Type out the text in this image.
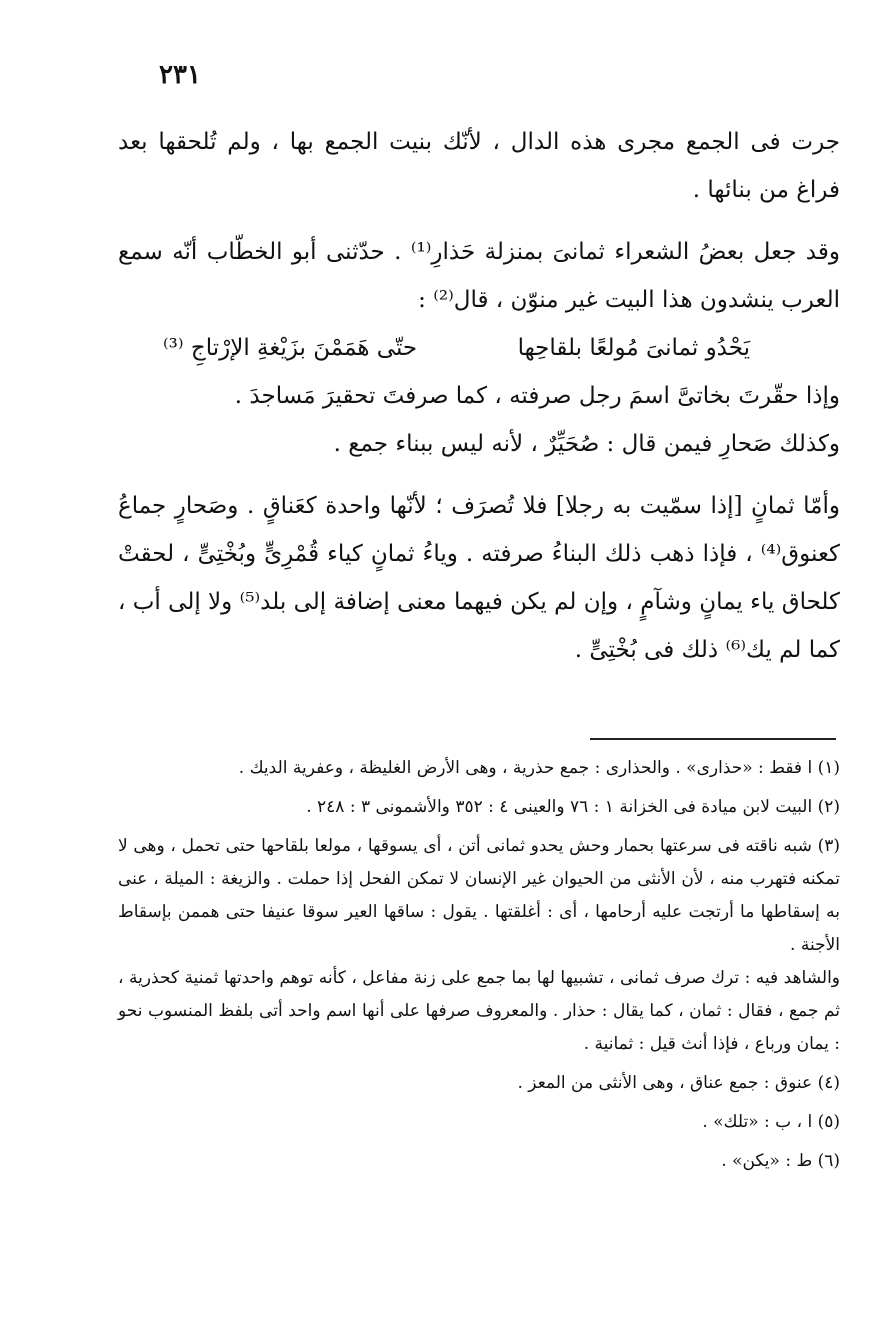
٢٣١

جرت فى الجمع مجرى هذه الدال ، لأنّك بنيت الجمع بها ، ولم تُلحقها بعد فراغ من بنائها .

وقد جعل بعضُ الشعراء ثمانىَ بمنزلة حَذارِ⁽¹⁾ . حدّثنى أبو الخطّاب أنّه سمع العرب ينشدون هذا البيت غير منوّن ، قال⁽²⁾ :

يَحْدُو ثمانىَ مُولعًا بلقاحِها
حتّى هَمَمْنَ بزَيْغةِ الإرْتاجِ ⁽³⁾

وإذا حقّرتَ بخاتىَّ اسمَ رجل صرفته ، كما صرفتَ تحقيرَ مَساجدَ .

وكذلك صَحارِ فيمن قال : صُحَيِّرٌ ، لأنه ليس ببناء جمع .

وأمّا ثمانٍ [إذا سمّيت به رجلا] فلا تُصرَف ؛ لأنّها واحدة كعَناقٍ . وصَحارٍ جماعُ كعنوق⁽⁴⁾ ، فإذا ذهب ذلك البناءُ صرفته . وياءُ ثمانٍ كياء قُمْرِىٍّ وبُخْتِىٍّ ، لحقتْ كلحاق ياء يمانٍ وشآمٍ ، وإن لم يكن فيهما معنى إضافة إلى بلد⁽⁵⁾ ولا إلى أب ، كما لم يك⁽⁶⁾ ذلك فى بُخْتِىٍّ .

(١) ا فقط : «حذارى» . والحذارى : جمع حذرية ، وهى الأرض الغليظة ، وعفرية الديك .

(٢) البيت لابن ميادة فى الخزانة ١ : ٧٦ والعينى ٤ : ٣٥٢ والأشمونى ٣ : ٢٤٨ .

(٣) شبه ناقته فى سرعتها بحمار وحش يحدو ثمانى أتن ، أى يسوقها ، مولعا بلقاحها حتى تحمل ، وهى لا تمكنه فتهرب منه ، لأن الأنثى من الحيوان غير الإنسان لا تمكن الفحل إذا حملت . والزيغة : الميلة ، عنى به إسقاطها ما أرتجت عليه أرحامها ، أى : أغلقتها . يقول : ساقها العير سوقا عنيفا حتى هممن بإسقاط الأجنة .

والشاهد فيه : ترك صرف ثمانى ، تشبيها لها بما جمع على زنة مفاعل ، كأنه توهم واحدتها ثمنية كحذرية ، ثم جمع ، فقال : ثمان ، كما يقال : حذار . والمعروف صرفها على أنها اسم واحد أتى بلفظ المنسوب نحو : يمان ورباع ، فإذا أنث قيل : ثمانية .

(٤) عنوق : جمع عناق ، وهى الأنثى من المعز .

(٥) ا ، ب : «تلك» .

(٦) ط : «يكن» .
